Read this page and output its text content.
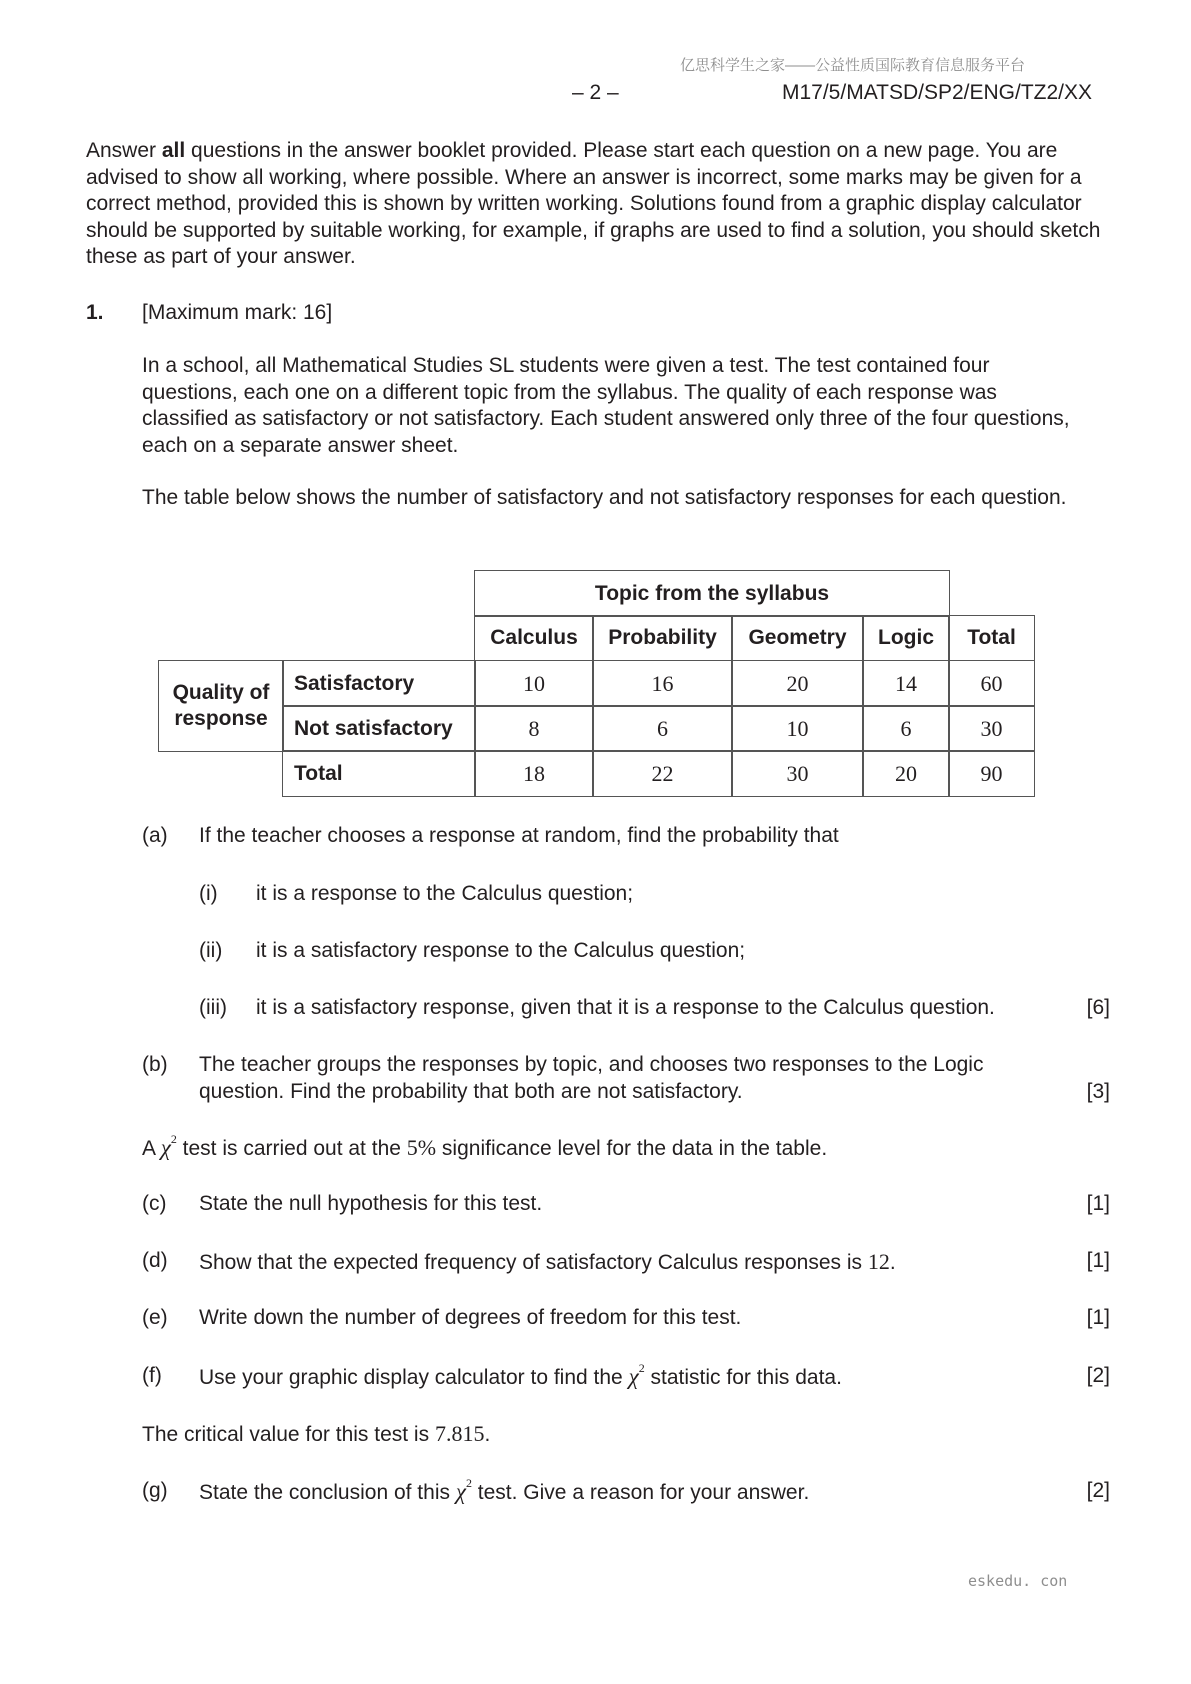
亿思科学生之家——公益性质国际教育信息服务平台
– 2 –	M17/5/MATSD/SP2/ENG/TZ2/XX
Answer all questions in the answer booklet provided. Please start each question on a new page. You are advised to show all working, where possible. Where an answer is incorrect, some marks may be given for a correct method, provided this is shown by written working. Solutions found from a graphic display calculator should be supported by suitable working, for example, if graphs are used to find a solution, you should sketch these as part of your answer.
1. [Maximum mark: 16]
In a school, all Mathematical Studies SL students were given a test. The test contained four questions, each one on a different topic from the syllabus. The quality of each response was classified as satisfactory or not satisfactory. Each student answered only three of the four questions, each on a separate answer sheet.
The table below shows the number of satisfactory and not satisfactory responses for each question.
Topic from the syllabus
Calculus	Probability	Geometry	Logic	Total
Quality of
response
Satisfactory	10	16	20	14	60
Not satisfactory	8	6	10	6	30
Total	18	22	30	20	90
(a) If the teacher chooses a response at random, find the probability that
(i) it is a response to the Calculus question;
(ii) it is a satisfactory response to the Calculus question;
(iii) it is a satisfactory response, given that it is a response to the Calculus question.	[6]
(b) The teacher groups the responses by topic, and chooses two responses to the Logic
question. Find the probability that both are not satisfactory.	[3]
A $\chi^2$ test is carried out at the 5% significance level for the data in the table.
(c) State the null hypothesis for this test.	[1]
(d) Show that the expected frequency of satisfactory Calculus responses is 12.	[1]
(e) Write down the number of degrees of freedom for this test.	[1]
(f) Use your graphic display calculator to find the $\chi^2$ statistic for this data.	[2]
The critical value for this test is 7.815.
(g) State the conclusion of this $\chi^2$ test. Give a reason for your answer.	[2]
eskedu. con
